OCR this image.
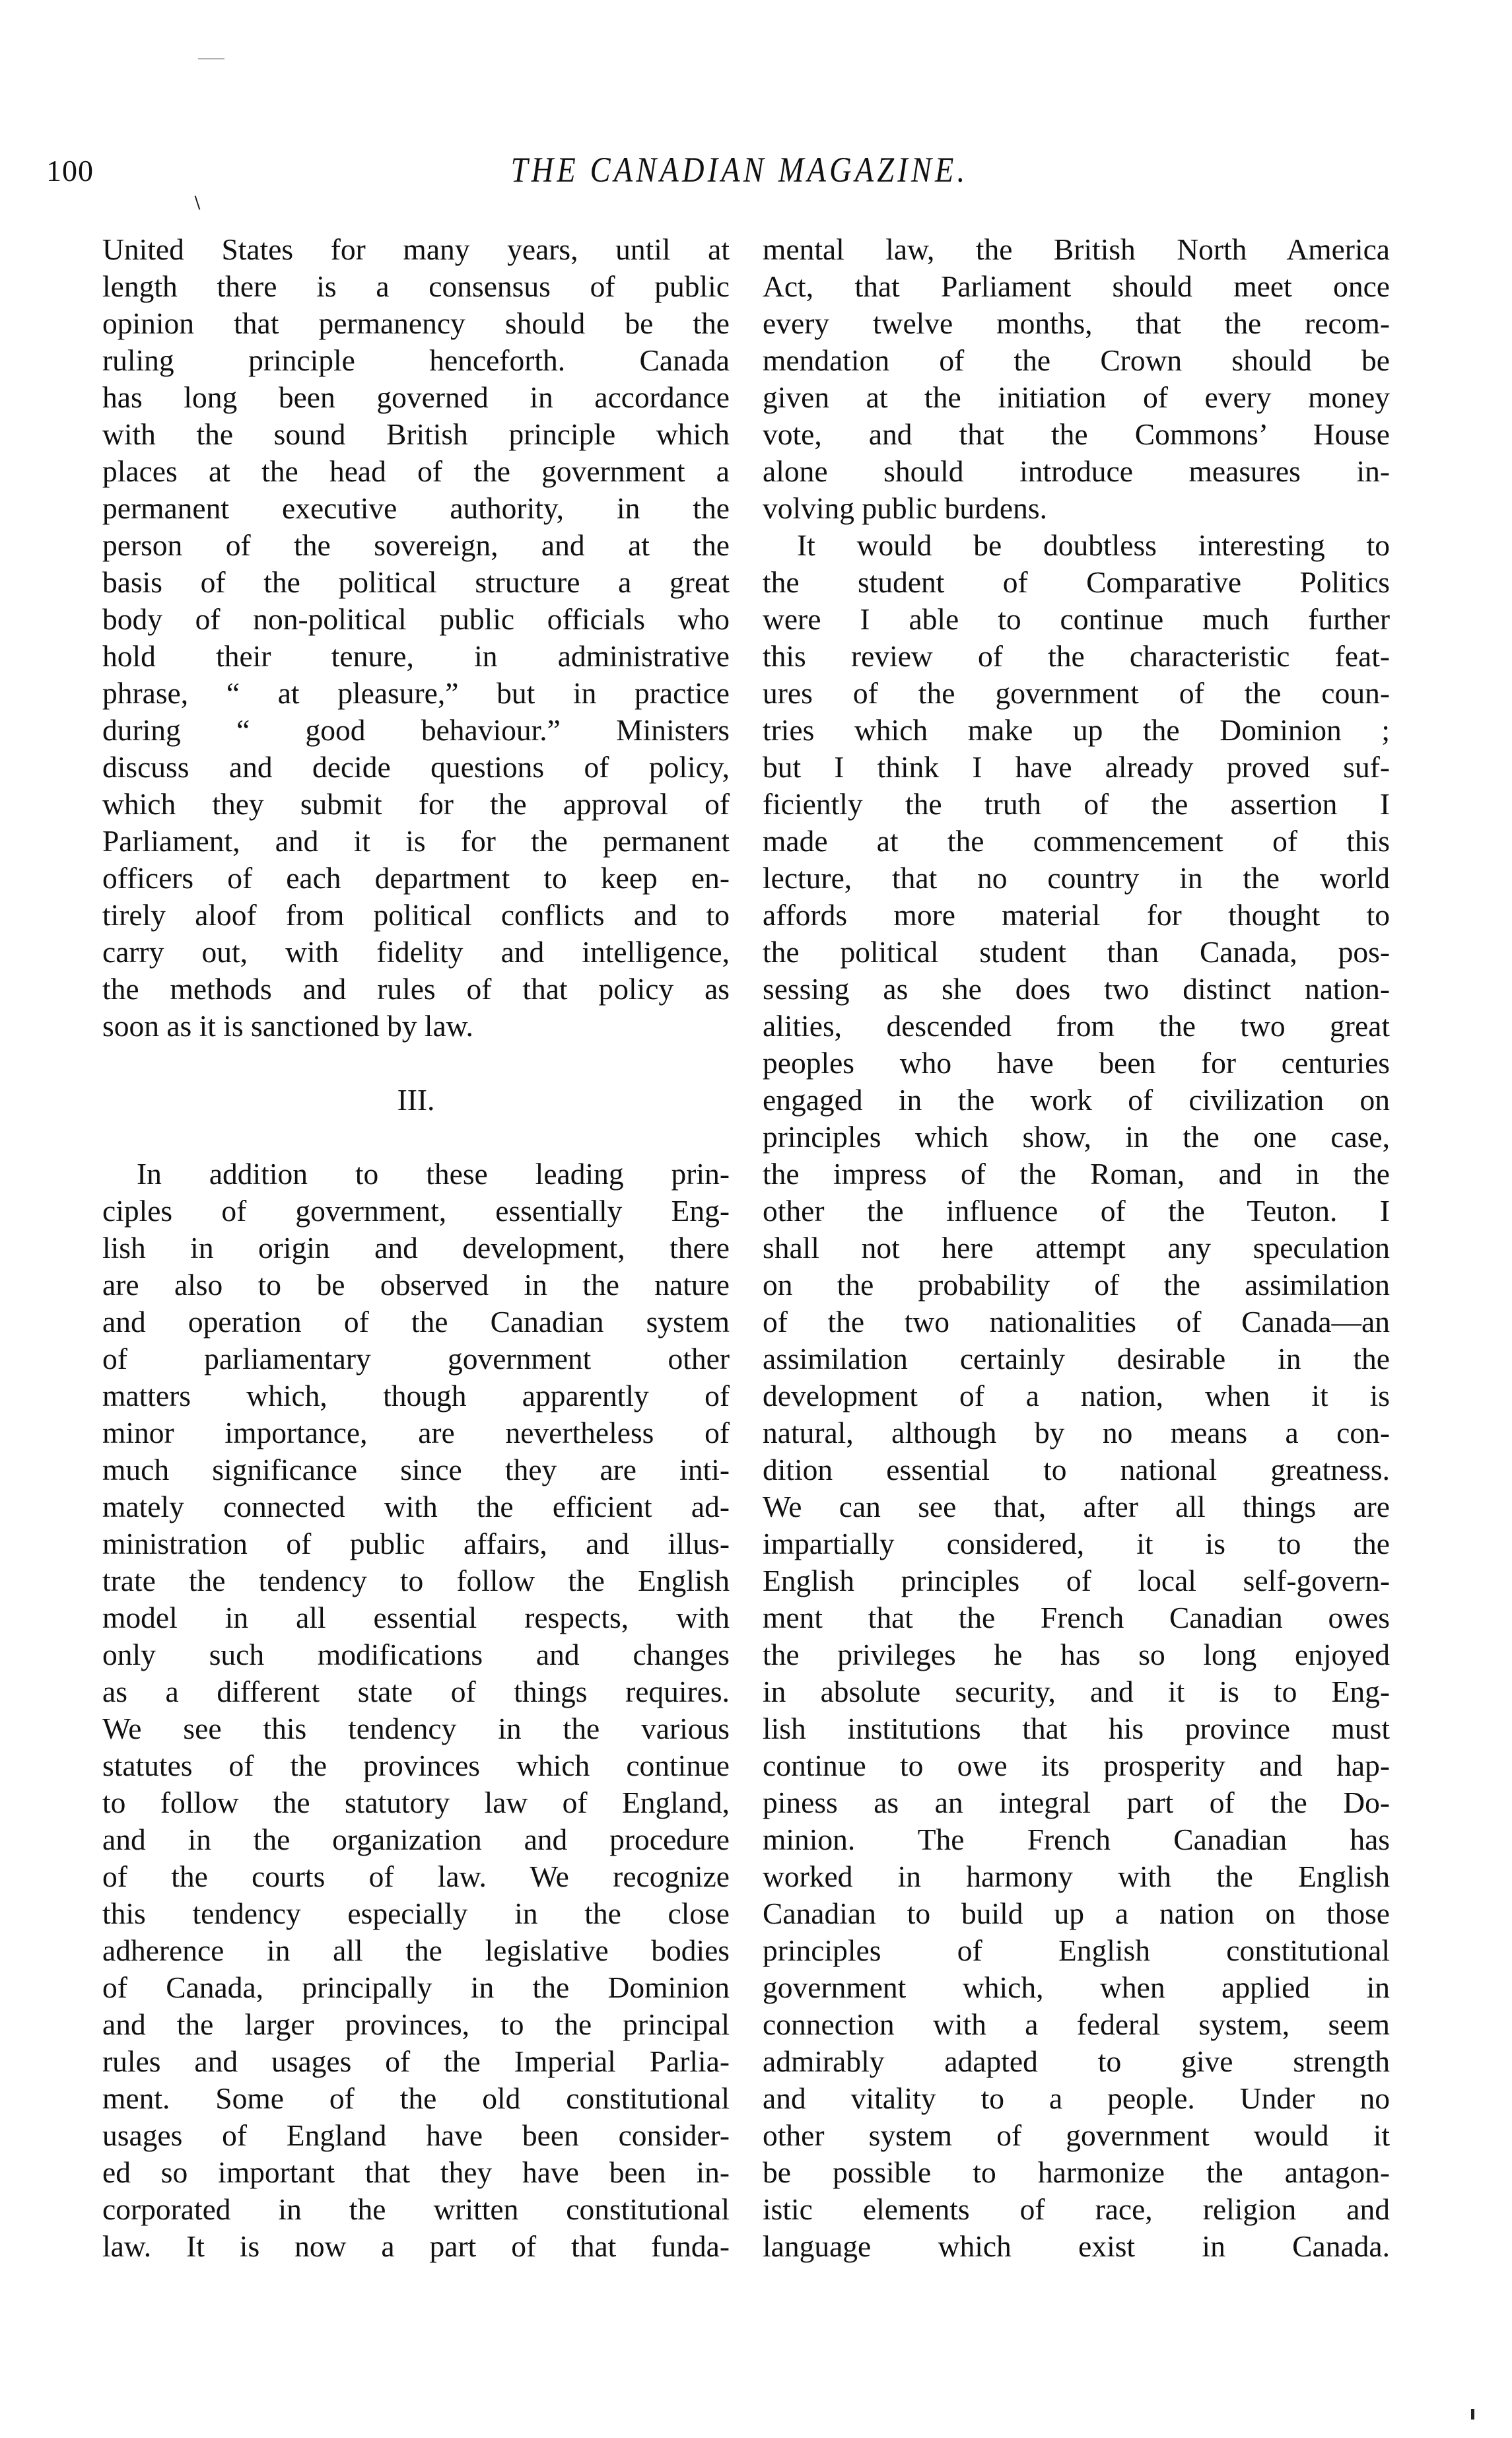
100	THE CANADIAN MAGAZINE.
United States for many years, until at
length there is a consensus of public
opinion that permanency should be the
ruling principle henceforth. Canada
has long been governed in accordance
with the sound British principle which
places at the head of the government a
permanent executive authority, in the
person of the sovereign, and at the
basis of the political structure a great
body of non-political public officials who
hold their tenure, in administrative
phrase, “ at pleasure,” but in practice
during “ good behaviour.” Ministers
discuss and decide questions of policy,
which they submit for the approval of
Parliament, and it is for the permanent
officers of each department to keep en-
tirely aloof from political conflicts and to
carry out, with fidelity and intelligence,
the methods and rules of that policy as
soon as it is sanctioned by law.
III.
In addition to these leading prin-
ciples of government, essentially Eng-
lish in origin and development, there
are also to be observed in the nature
and operation of the Canadian system
of parliamentary government other
matters which, though apparently of
minor importance, are nevertheless of
much significance since they are inti-
mately connected with the efficient ad-
ministration of public affairs, and illus-
trate the tendency to follow the English
model in all essential respects, with
only such modifications and changes
as a different state of things requires.
We see this tendency in the various
statutes of the provinces which continue
to follow the statutory law of England,
and in the organization and procedure
of the courts of law. We recognize
this tendency especially in the close
adherence in all the legislative bodies
of Canada, principally in the Dominion
and the larger provinces, to the principal
rules and usages of the Imperial Parlia-
ment. Some of the old constitutional
usages of England have been consider-
ed so important that they have been in-
corporated in the written constitutional
law. It is now a part of that funda-
mental law, the British North America
Act, that Parliament should meet once
every twelve months, that the recom-
mendation of the Crown should be
given at the initiation of every money
vote, and that the Commons’ House
alone should introduce measures in-
volving public burdens.
It would be doubtless interesting to
the student of Comparative Politics
were I able to continue much further
this review of the characteristic feat-
ures of the government of the coun-
tries which make up the Dominion ;
but I think I have already proved suf-
ficiently the truth of the assertion I
made at the commencement of this
lecture, that no country in the world
affords more material for thought to
the political student than Canada, pos-
sessing as she does two distinct nation-
alities, descended from the two great
peoples who have been for centuries
engaged in the work of civilization on
principles which show, in the one case,
the impress of the Roman, and in the
other the influence of the Teuton. I
shall not here attempt any speculation
on the probability of the assimilation
of the two nationalities of Canada—an
assimilation certainly desirable in the
development of a nation, when it is
natural, although by no means a con-
dition essential to national greatness.
We can see that, after all things are
impartially considered, it is to the
English principles of local self-govern-
ment that the French Canadian owes
the privileges he has so long enjoyed
in absolute security, and it is to Eng-
lish institutions that his province must
continue to owe its prosperity and hap-
piness as an integral part of the Do-
minion. The French Canadian has
worked in harmony with the English
Canadian to build up a nation on those
principles of English constitutional
government which, when applied in
connection with a federal system, seem
admirably adapted to give strength
and vitality to a people. Under no
other system of government would it
be possible to harmonize the antagon-
istic elements of race, religion and
language which exist in Canada.
